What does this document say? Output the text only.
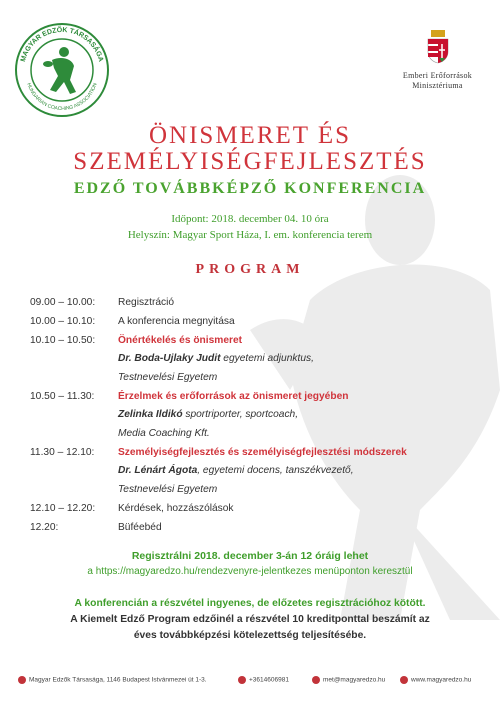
MAGYAR EDZŐK TÁRSASÁGA
HUNGARIAN COACHING ASSOCIATION
Emberi Erőforrások
Minisztériuma
ÖNISMERET ÉS
SZEMÉLYISÉGFEJLESZTÉS
EDZŐ TOVÁBBKÉPZŐ KONFERENCIA
Időpont: 2018. december 04. 10 óra
Helyszín: Magyar Sport Háza, I. em. konferencia terem
PROGRAM
09.00 – 10.00: Regisztráció
10.00 – 10.10: A konferencia megnyitása
10.10 – 10.50: Önértékelés és önismeret
Dr. Boda-Ujlaky Judit egyetemi adjunktus,
Testnevelési Egyetem
10.50 – 11.30: Érzelmek és erőforrások az önismeret jegyében
Zelinka Ildikó sportriporter, sportcoach,
Media Coaching Kft.
11.30 – 12.10: Személyiségfejlesztés és személyiségfejlesztési módszerek
Dr. Lénárt Ágota, egyetemi docens, tanszékvezető,
Testnevelési Egyetem
12.10 – 12.20: Kérdések, hozzászólások
12.20:	Büféebéd
Regisztrálni 2018. december 3-án 12 óráig lehet
a https://magyaredzo.hu/rendezvenyre-jelentkezes menüponton keresztül
A konferencián a részvétel ingyenes, de előzetes regisztrációhoz kötött.
A Kiemelt Edző Program edzőinél a részvétel 10 kreditponttal beszámít az
éves továbbképzési kötelezettség teljesítésébe.
Magyar Edzők Társasága, 1146 Budapest Istvánmezei út 1-3.	+3614606981	met@magyaredzo.hu	www.magyaredzo.hu
